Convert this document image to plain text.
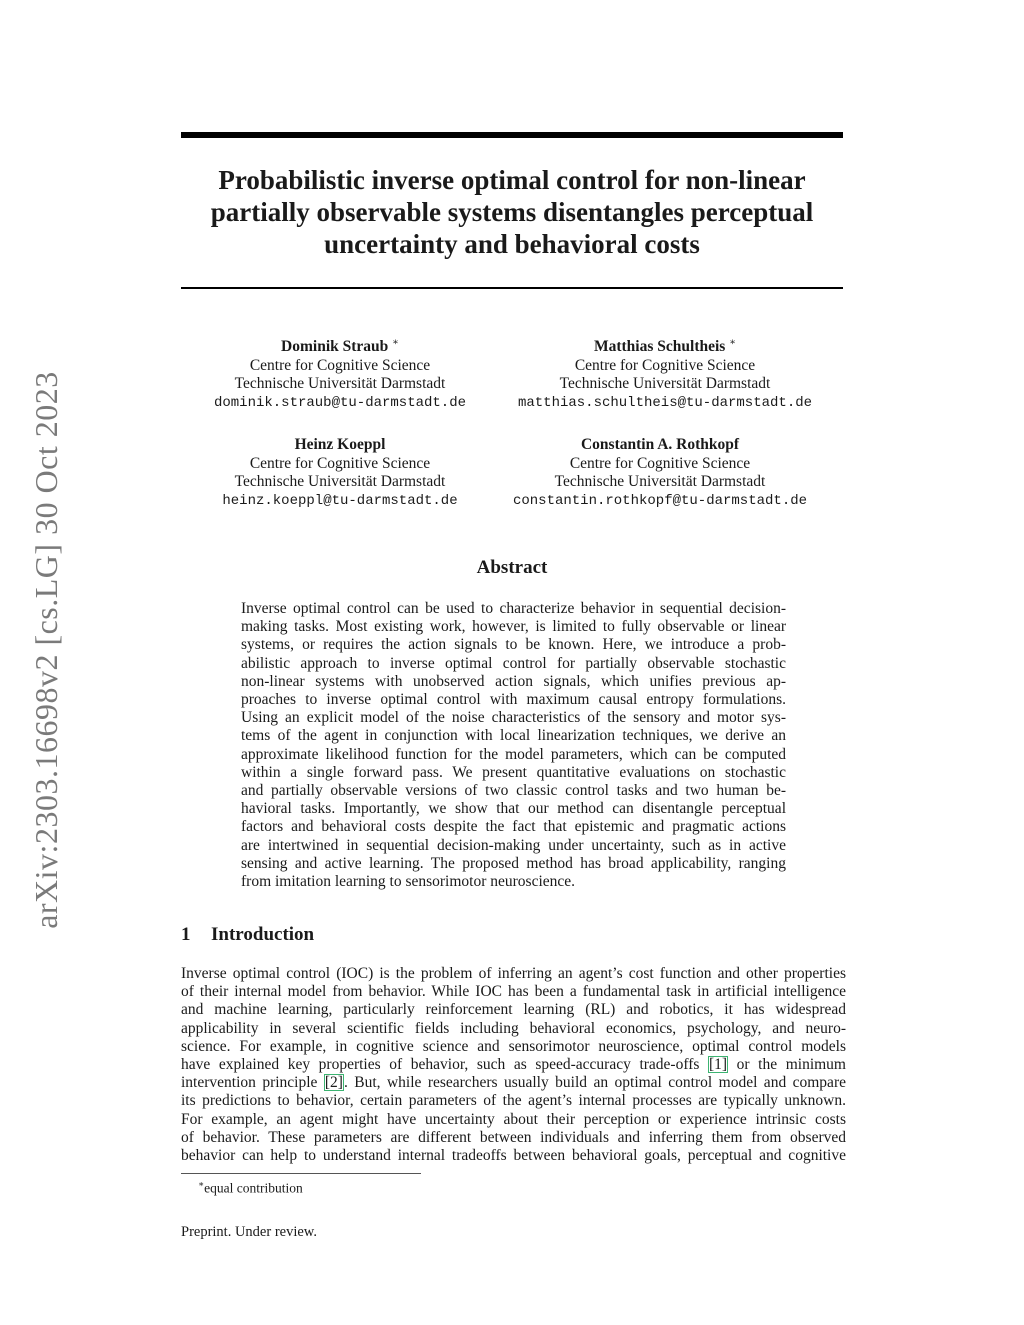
arXiv:2303.16698v2 [cs.LG] 30 Oct 2023
Probabilistic inverse optimal control for non-linear
partially observable systems disentangles perceptual
uncertainty and behavioral costs
Dominik Straub ∗
Centre for Cognitive Science
Technische Universität Darmstadt
dominik.straub@tu-darmstadt.de
Matthias Schultheis ∗
Centre for Cognitive Science
Technische Universität Darmstadt
matthias.schultheis@tu-darmstadt.de
Heinz Koeppl
Centre for Cognitive Science
Technische Universität Darmstadt
heinz.koeppl@tu-darmstadt.de
Constantin A. Rothkopf
Centre for Cognitive Science
Technische Universität Darmstadt
constantin.rothkopf@tu-darmstadt.de
Abstract
Inverse optimal control can be used to characterize behavior in sequential decision-
making tasks. Most existing work, however, is limited to fully observable or linear
systems, or requires the action signals to be known. Here, we introduce a prob-
abilistic approach to inverse optimal control for partially observable stochastic
non-linear systems with unobserved action signals, which unifies previous ap-
proaches to inverse optimal control with maximum causal entropy formulations.
Using an explicit model of the noise characteristics of the sensory and motor sys-
tems of the agent in conjunction with local linearization techniques, we derive an
approximate likelihood function for the model parameters, which can be computed
within a single forward pass. We present quantitative evaluations on stochastic
and partially observable versions of two classic control tasks and two human be-
havioral tasks. Importantly, we show that our method can disentangle perceptual
factors and behavioral costs despite the fact that epistemic and pragmatic actions
are intertwined in sequential decision-making under uncertainty, such as in active
sensing and active learning. The proposed method has broad applicability, ranging
from imitation learning to sensorimotor neuroscience.
1 Introduction
Inverse optimal control (IOC) is the problem of inferring an agent’s cost function and other properties
of their internal model from behavior. While IOC has been a fundamental task in artificial intelligence
and machine learning, particularly reinforcement learning (RL) and robotics, it has widespread
applicability in several scientific fields including behavioral economics, psychology, and neuro-
science. For example, in cognitive science and sensorimotor neuroscience, optimal control models
have explained key properties of behavior, such as speed-accuracy trade-offs [1] or the minimum
intervention principle [2]. But, while researchers usually build an optimal control model and compare
its predictions to behavior, certain parameters of the agent’s internal processes are typically unknown.
For example, an agent might have uncertainty about their perception or experience intrinsic costs
of behavior. These parameters are different between individuals and inferring them from observed
behavior can help to understand internal tradeoffs between behavioral goals, perceptual and cognitive
∗equal contribution
Preprint. Under review.
